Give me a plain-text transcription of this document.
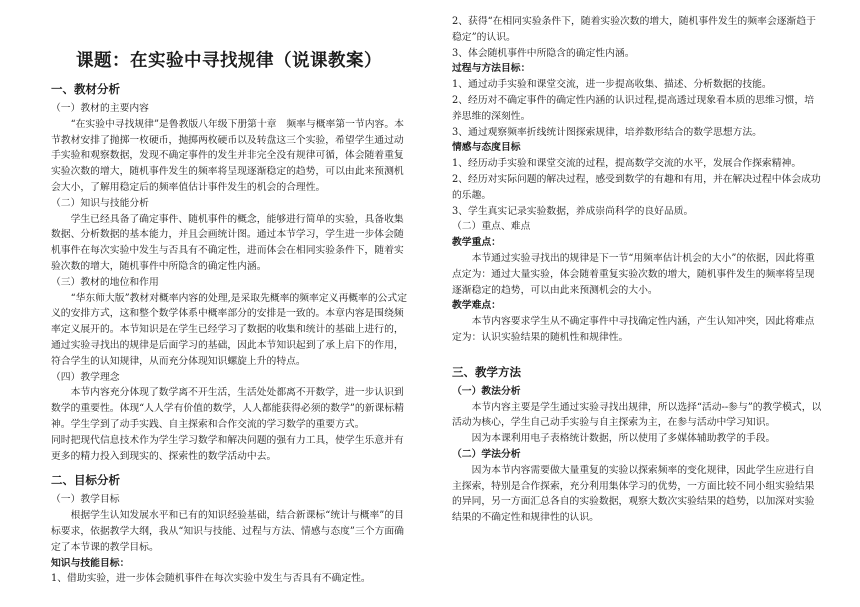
课题：在实验中寻找规律（说课教案）

一、教材分析

（一）教材的主要内容

“在实验中寻找规律”是鲁教版八年级下册第十章　频率与概率第一节内容。本节教材安排了抛掷一枚硬币，抛掷两枚硬币以及转盘这三个实验，希望学生通过动手实验和观察数据，发现不确定事件的发生并非完全没有规律可循，体会随着重复实验次数的增大，随机事件发生的频率将呈现逐渐稳定的趋势，可以由此来预测机会大小，了解用稳定后的频率值估计事件发生的机会的合理性。

（二）知识与技能分析

学生已经具备了确定事件、随机事件的概念，能够进行简单的实验，具备收集数据、分析数据的基本能力，并且会画统计图。通过本节学习，学生进一步体会随机事件在每次实验中发生与否具有不确定性，进而体会在相同实验条件下，随着实验次数的增大，随机事件中所隐含的确定性内涵。

（三）教材的地位和作用

“华东师大版”教材对概率内容的处理,是采取先概率的频率定义再概率的公式定义的安排方式，这和整个数学体系中概率部分的安排是一致的。本章内容是围绕频率定义展开的。本节知识是在学生已经学习了数据的收集和统计的基础上进行的，通过实验寻找出的规律是后面学习的基础，因此本节知识起到了承上启下的作用，符合学生的认知规律，从而充分体现知识螺旋上升的特点。

（四）教学理念

本节内容充分体现了数学离不开生活，生活处处都离不开数学，进一步认识到数学的重要性。体现“人人学有价值的数学，人人都能获得必须的数学”的新课标精神。学生学到了动手实践、自主探索和合作交流的学习数学的重要方式。

同时把现代信息技术作为学生学习数学和解决问题的强有力工具，使学生乐意并有更多的精力投入到现实的、探索性的数学活动中去。

二、目标分析

（一）教学目标

根据学生认知发展水平和已有的知识经验基础，结合新课标“统计与概率”的目标要求，依据教学大纲，我从“知识与技能、过程与方法、情感与态度”三个方面确定了本节课的教学目标。

知识与技能目标：

1、借助实验，进一步体会随机事件在每次实验中发生与否具有不确定性。

2、获得“在相同实验条件下，随着实验次数的增大，随机事件发生的频率会逐渐趋于稳定”的认识。

3、体会随机事件中所隐含的确定性内涵。

过程与方法目标：

1、通过动手实验和课堂交流，进一步提高收集、描述、分析数据的技能。

2、经历对不确定事件的确定性内涵的认识过程,提高透过现象看本质的思维习惯，培养思维的深刻性。

3、通过观察频率折线统计图探索规律，培养数形结合的数学思想方法。

情感与态度目标

1、经历动手实验和课堂交流的过程，提高数学交流的水平，发展合作探索精神。

2、经历对实际问题的解决过程，感受到数学的有趣和有用，并在解决过程中体会成功的乐趣。

3、学生真实记录实验数据，养成崇尚科学的良好品质。

（二）重点、难点

教学重点：

本节通过实验寻找出的规律是下一节“用频率估计机会的大小”的依据，因此将重点定为：通过大量实验，体会随着重复实验次数的增大，随机事件发生的频率将呈现逐渐稳定的趋势，可以由此来预测机会的大小。

教学难点：

本节内容要求学生从不确定事件中寻找确定性内涵，产生认知冲突，因此将难点定为：认识实验结果的随机性和规律性。

三、教学方法

（一）教法分析

本节内容主要是学生通过实验寻找出规律，所以选择“活动--参与”的教学模式，以活动为核心，学生自己动手实验与自主探索为主，在参与活动中学习知识。

因为本课利用电子表格统计数据，所以使用了多媒体辅助教学的手段。

（二）学法分析

因为本节内容需要做大量重复的实验以探索频率的变化规律，因此学生应进行自主探索，特别是合作探索，充分利用集体学习的优势，一方面比较不同小组实验结果的异同，另一方面汇总各自的实验数据，观察大数次实验结果的趋势，以加深对实验结果的不确定性和规律性的认识。
